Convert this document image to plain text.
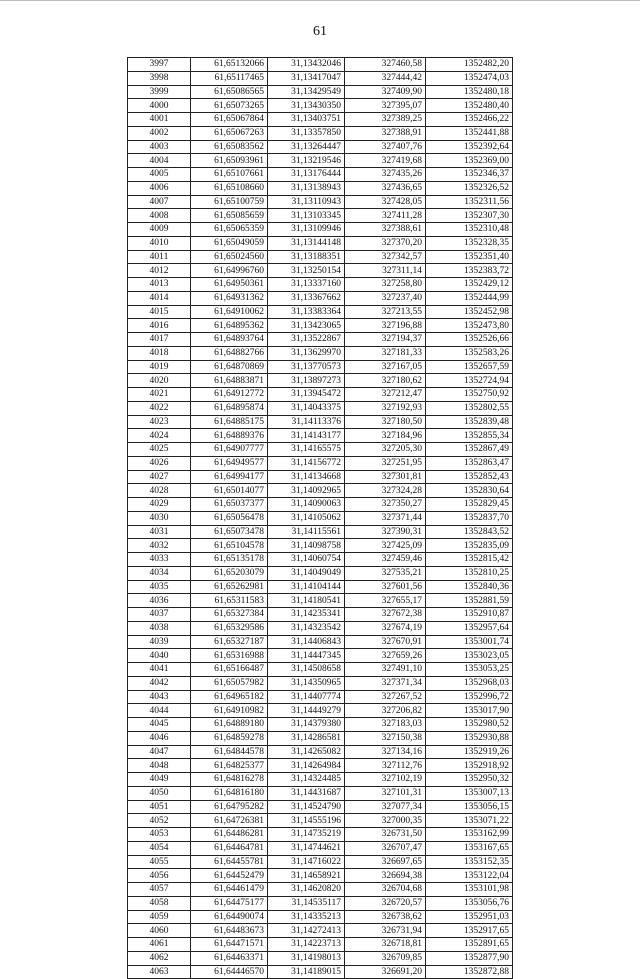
61
3997	61,65132066	31,13432046	327460,58	1352482,20
3998	61,65117465	31,13417047	327444,42	1352474,03
3999	61,65086565	31,13429549	327409,90	1352480,18
4000	61,65073265	31,13430350	327395,07	1352480,40
4001	61,65067864	31,13403751	327389,25	1352466,22
4002	61,65067263	31,13357850	327388,91	1352441,88
4003	61,65083562	31,13264447	327407,76	1352392,64
4004	61,65093961	31,13219546	327419,68	1352369,00
4005	61,65107661	31,13176444	327435,26	1352346,37
4006	61,65108660	31,13138943	327436,65	1352326,52
4007	61,65100759	31,13110943	327428,05	1352311,56
4008	61,65085659	31,13103345	327411,28	1352307,30
4009	61,65065359	31,13109946	327388,61	1352310,48
4010	61,65049059	31,13144148	327370,20	1352328,35
4011	61,65024560	31,13188351	327342,57	1352351,40
4012	61,64996760	31,13250154	327311,14	1352383,72
4013	61,64950361	31,13337160	327258,80	1352429,12
4014	61,64931362	31,13367662	327237,40	1352444,99
4015	61,64910062	31,13383364	327213,55	1352452,98
4016	61,64895362	31,13423065	327196,88	1352473,80
4017	61,64893764	31,13522867	327194,37	1352526,66
4018	61,64882766	31,13629970	327181,33	1352583,26
4019	61,64870869	31,13770573	327167,05	1352657,59
4020	61,64883871	31,13897273	327180,62	1352724,94
4021	61,64912772	31,13945472	327212,47	1352750,92
4022	61,64895874	31,14043375	327192,93	1352802,55
4023	61,64885175	31,14113376	327180,50	1352839,48
4024	61,64889376	31,14143177	327184,96	1352855,34
4025	61,64907777	31,14165575	327205,30	1352867,49
4026	61,64949577	31,14156772	327251,95	1352863,47
4027	61,64994177	31,14134668	327301,81	1352852,43
4028	61,65014077	31,14092965	327324,28	1352830,64
4029	61,65037377	31,14090063	327350,27	1352829,45
4030	61,65056478	31,14105062	327371,44	1352837,70
4031	61,65073478	31,14115561	327390,31	1352843,52
4032	61,65104578	31,14098758	327425,09	1352835,09
4033	61,65135178	31,14060754	327459,46	1352815,42
4034	61,65203079	31,14049049	327535,21	1352810,25
4035	61,65262981	31,14104144	327601,56	1352840,36
4036	61,65311583	31,14180541	327655,17	1352881,59
4037	61,65327384	31,14235341	327672,38	1352910,87
4038	61,65329586	31,14323542	327674,19	1352957,64
4039	61,65327187	31,14406843	327670,91	1353001,74
4040	61,65316988	31,14447345	327659,26	1353023,05
4041	61,65166487	31,14508658	327491,10	1353053,25
4042	61,65057982	31,14350965	327371,34	1352968,03
4043	61,64965182	31,14407774	327267,52	1352996,72
4044	61,64910982	31,14449279	327206,82	1353017,90
4045	61,64889180	31,14379380	327183,03	1352980,52
4046	61,64859278	31,14286581	327150,38	1352930,88
4047	61,64844578	31,14265082	327134,16	1352919,26
4048	61,64825377	31,14264984	327112,76	1352918,92
4049	61,64816278	31,14324485	327102,19	1352950,32
4050	61,64816180	31,14431687	327101,31	1353007,13
4051	61,64795282	31,14524790	327077,34	1353056,15
4052	61,64726381	31,14555196	327000,35	1353071,22
4053	61,64486281	31,14735219	326731,50	1353162,99
4054	61,64464781	31,14744621	326707,47	1353167,65
4055	61,64455781	31,14716022	326697,65	1353152,35
4056	61,64452479	31,14658921	326694,38	1353122,04
4057	61,64461479	31,14620820	326704,68	1353101,98
4058	61,64475177	31,14535117	326720,57	1353056,76
4059	61,64490074	31,14335213	326738,62	1352951,03
4060	61,64483673	31,14272413	326731,94	1352917,65
4061	61,64471571	31,14223713	326718,81	1352891,65
4062	61,64463371	31,14198013	326709,85	1352877,90
4063	61,64446570	31,14189015	326691,20	1352872,88
